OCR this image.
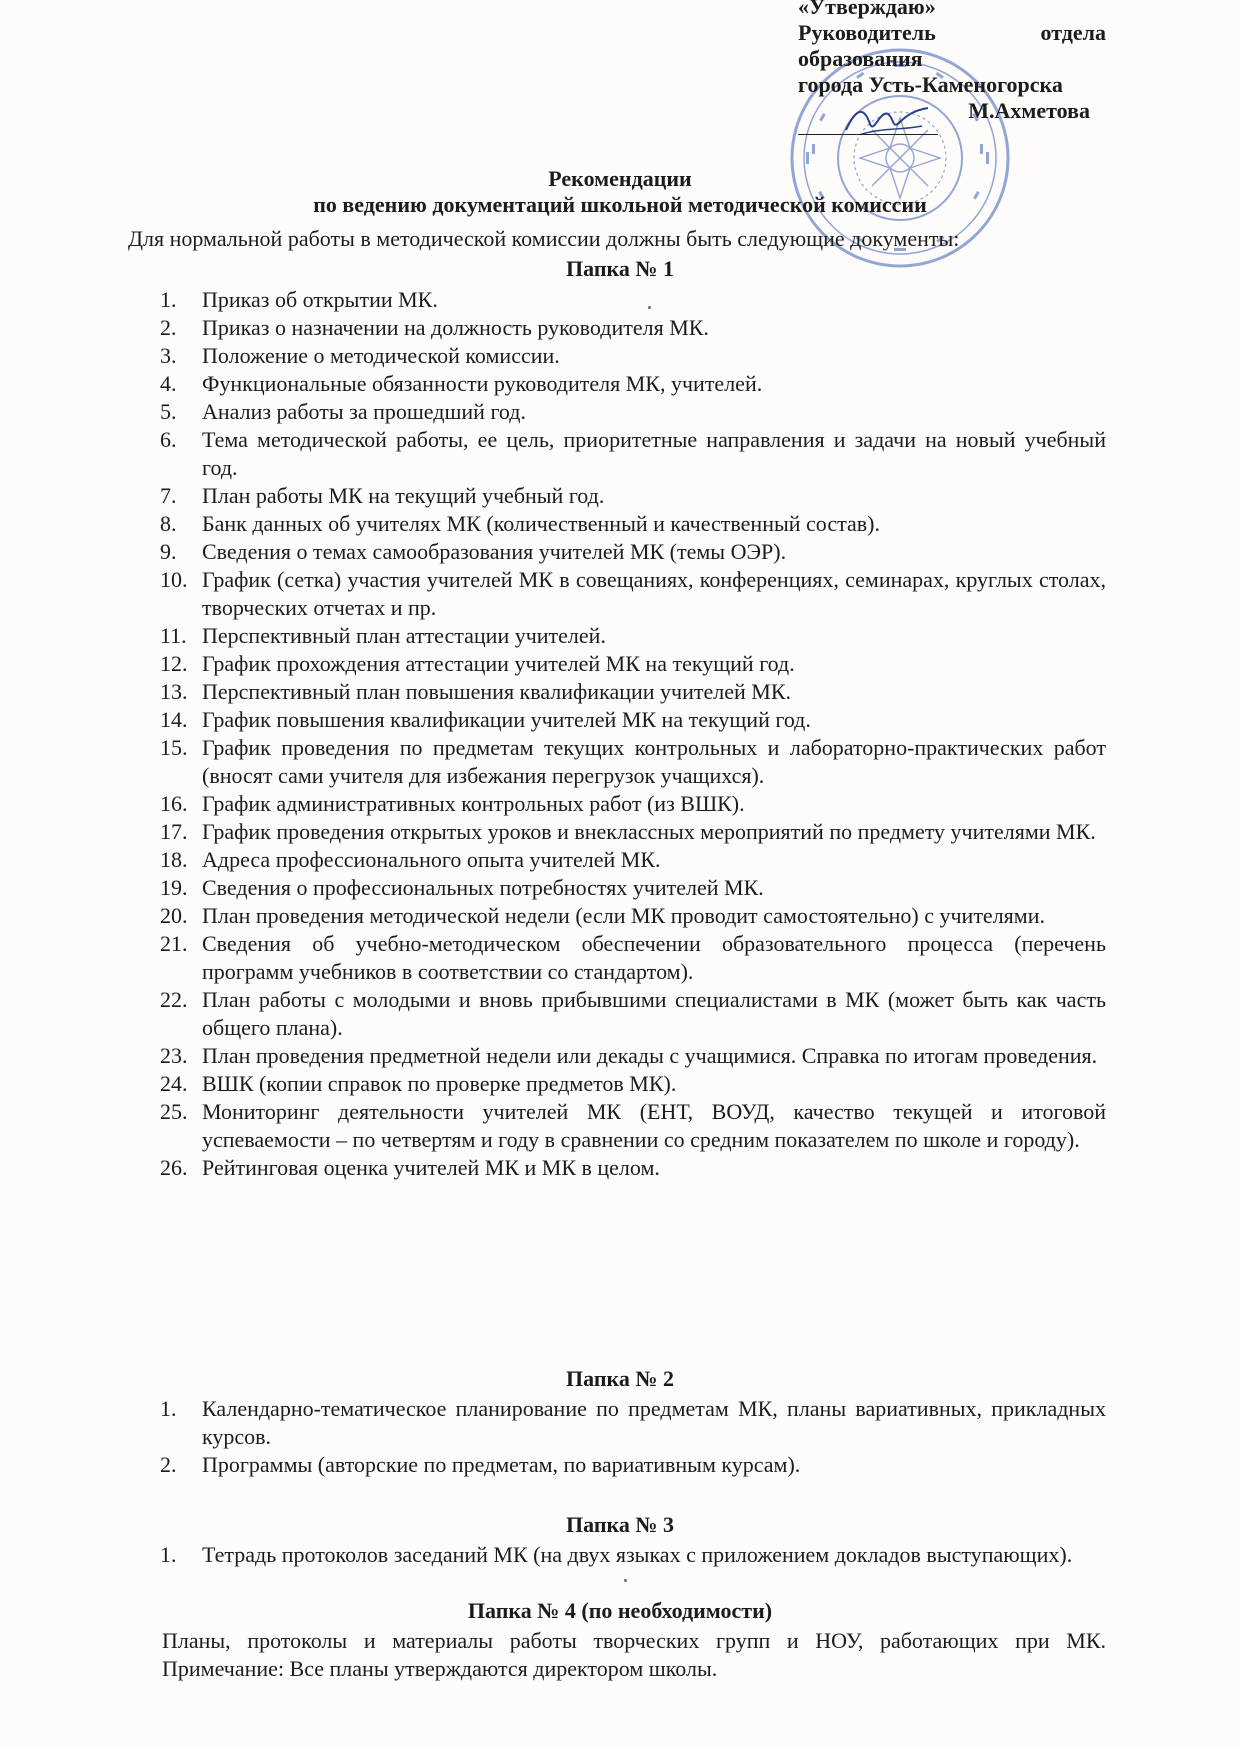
«Утверждаю»
Руководитель	отдела
образования
города Усть-Каменогорска
М.Ахметова
Рекомендации
по ведению документаций школьной методической комиссии
Для нормальной работы в методической комиссии должны быть следующие документы:
Папка № 1
1.	Приказ об открытии МК.
2.	Приказ о назначении на должность руководителя МК.
3.	Положение о методической комиссии.
4.	Функциональные обязанности руководителя МК, учителей.
5.	Анализ работы за прошедший год.
6.	Тема методической работы, ее цель, приоритетные направления и задачи на новый учебный год.
7.	План работы МК на текущий учебный год.
8.	Банк данных об учителях МК (количественный и качественный состав).
9.	Сведения о темах самообразования учителей МК (темы ОЭР).
10. График (сетка) участия учителей МК в совещаниях, конференциях, семинарах, круглых столах, творческих отчетах и пр.
11. Перспективный план аттестации учителей.
12. График прохождения аттестации учителей МК на текущий год.
13. Перспективный план повышения квалификации учителей МК.
14. График повышения квалификации учителей МК на текущий год.
15. График проведения по предметам текущих контрольных и лабораторно-практических работ (вносят сами учителя для избежания перегрузок учащихся).
16. График административных контрольных работ (из ВШК).
17. График проведения открытых уроков и внеклассных мероприятий по предмету учителями МК.
18. Адреса профессионального опыта учителей МК.
19. Сведения о профессиональных потребностях учителей МК.
20. План проведения методической недели (если МК проводит самостоятельно) с учителями.
21. Сведения об учебно-методическом обеспечении образовательного процесса (перечень программ учебников в соответствии со стандартом).
22. План работы с молодыми и вновь прибывшими специалистами в МК (может быть как часть общего плана).
23. План проведения предметной недели или декады с учащимися. Справка по итогам проведения.
24. ВШК (копии справок по проверке предметов МК).
25. Мониторинг деятельности учителей МК (ЕНТ, ВОУД, качество текущей и итоговой успеваемости – по четвертям и году в сравнении со средним показателем по школе и городу).
26. Рейтинговая оценка учителей МК и МК в целом.
Папка № 2
1.	Календарно-тематическое планирование по предметам МК, планы вариативных, прикладных курсов.
2.	Программы (авторские по предметам, по вариативным курсам).
Папка № 3
1.	Тетрадь протоколов заседаний МК (на двух языках с приложением докладов выступающих).
Папка № 4 (по необходимости)
Планы, протоколы и материалы работы творческих групп и НОУ, работающих при МК. Примечание: Все планы утверждаются директором школы.
